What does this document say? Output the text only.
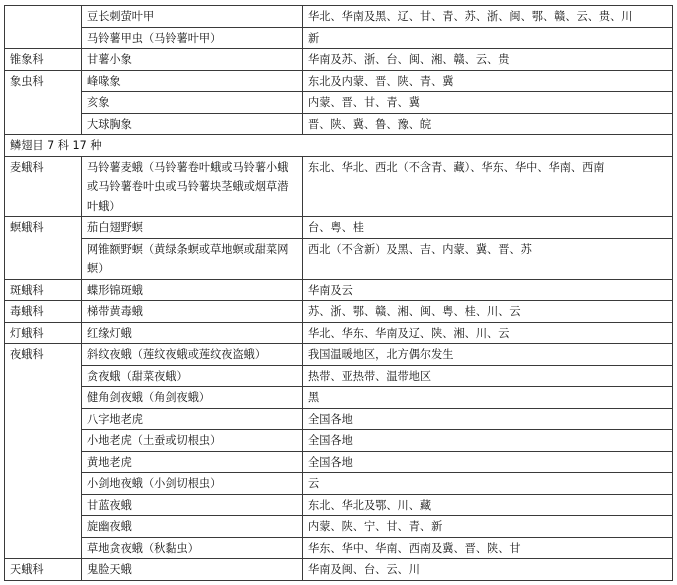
	豆长刺萤叶甲	华北、华南及黑、辽、甘、青、苏、浙、闽、鄂、赣、云、贵、川
	马铃薯甲虫（马铃薯叶甲）	新
锥象科	甘薯小象	华南及苏、浙、台、闽、湘、赣、云、贵
象虫科	峰喙象	东北及内蒙、晋、陕、青、冀
	亥象	内蒙、晋、甘、青、冀
	大球胸象	晋、陕、冀、鲁、豫、皖
鳞翅目 7 科 17 种		
麦蛾科	马铃薯麦蛾（马铃薯卷叶蛾或马铃薯小蛾或马铃薯卷叶虫或马铃薯块茎蛾或烟草潜叶蛾）	东北、华北、西北（不含青、藏）、华东、华中、华南、西南
螟蛾科	茄白翅野螟	台、粤、桂
	网锥额野螟（黄绿条螟或草地螟或甜菜网螟）	西北（不含新）及黑、吉、内蒙、冀、晋、苏
斑蛾科	蝶形锦斑蛾	华南及云
毒蛾科	梯带黄毒蛾	苏、浙、鄂、赣、湘、闽、粤、桂、川、云
灯蛾科	红缘灯蛾	华北、华东、华南及辽、陕、湘、川、云
夜蛾科	斜纹夜蛾（莲纹夜蛾或莲纹夜盗蛾）	我国温暖地区，北方偶尔发生
	贪夜蛾（甜菜夜蛾）	热带、亚热带、温带地区
	健角剑夜蛾（角剑夜蛾）	黑
	八字地老虎	全国各地
	小地老虎（土蚕或切根虫）	全国各地
	黄地老虎	全国各地
	小剑地夜蛾（小剑切根虫）	云
	甘蓝夜蛾	东北、华北及鄂、川、藏
	旋幽夜蛾	内蒙、陕、宁、甘、青、新
	草地贪夜蛾（秋黏虫）	华东、华中、华南、西南及冀、晋、陕、甘
天蛾科	鬼脸天蛾	华南及闽、台、云、川
